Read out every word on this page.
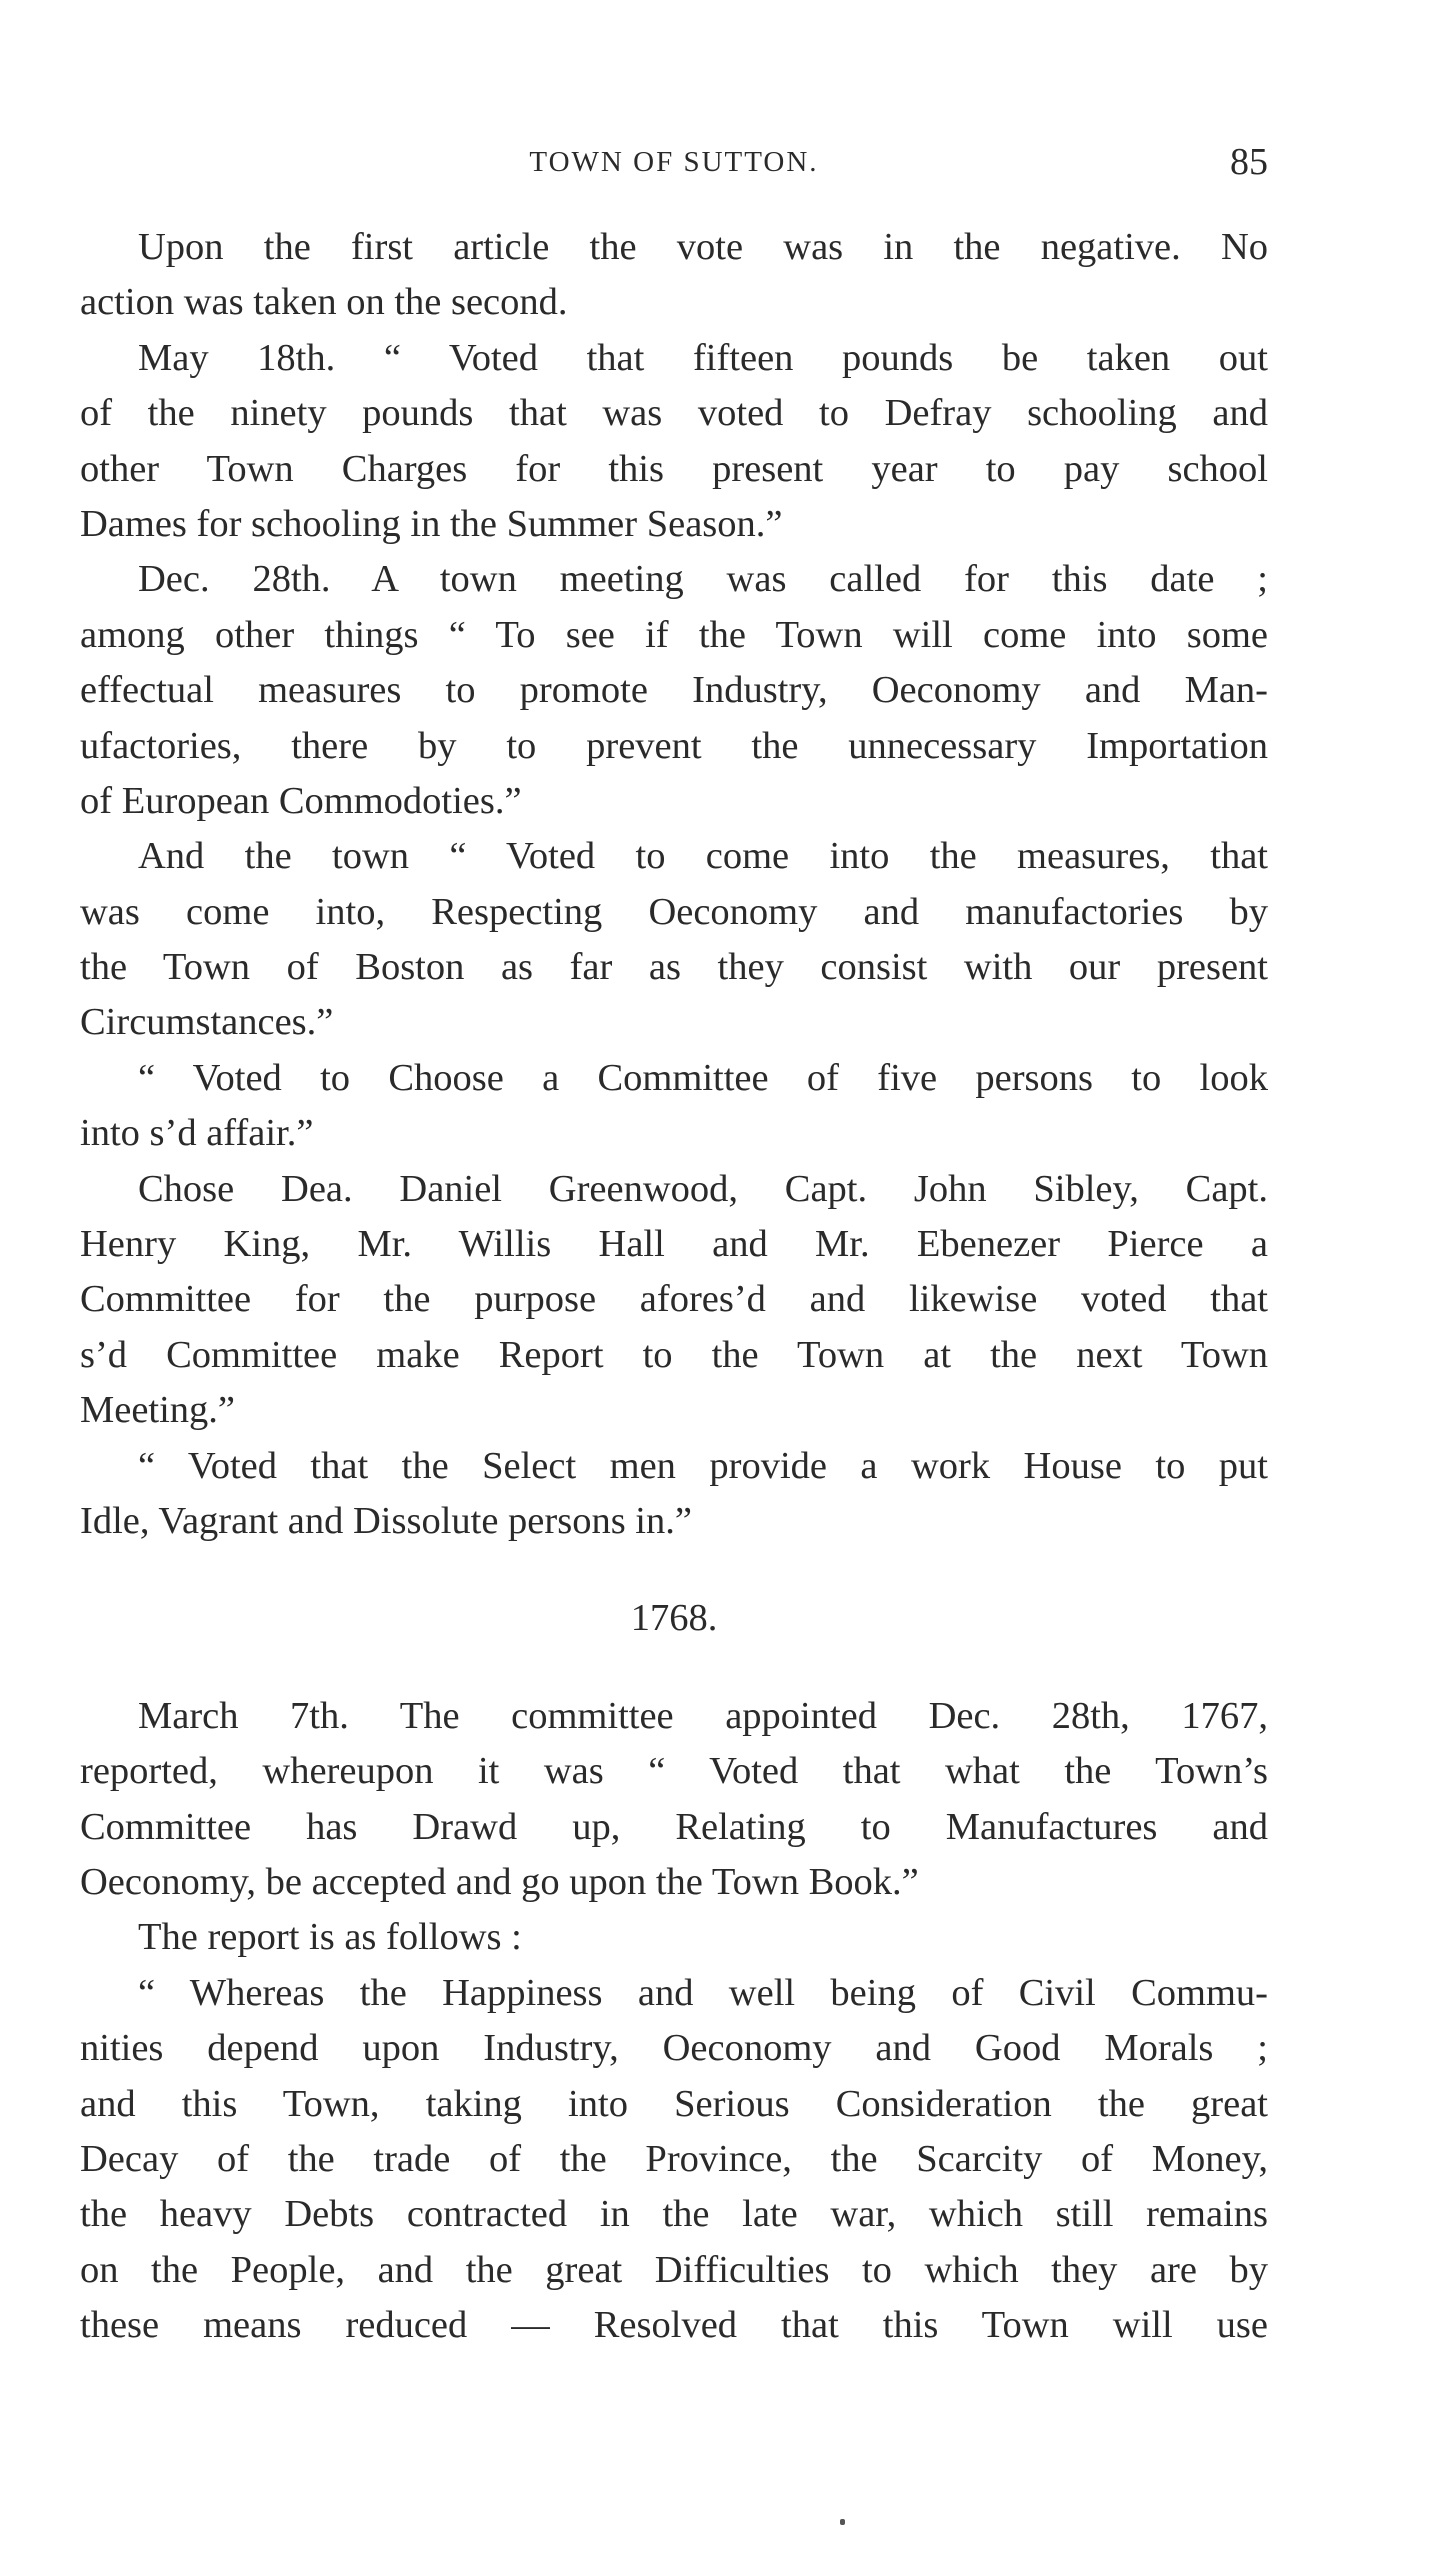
TOWN OF SUTTON.	85
Upon the first article the vote was in the negative. No
action was taken on the second.
May 18th. “ Voted that fifteen pounds be taken out
of the ninety pounds that was voted to Defray schooling and
other Town Charges for this present year to pay school
Dames for schooling in the Summer Season.”
Dec. 28th. A town meeting was called for this date ;
among other things “ To see if the Town will come into some
effectual measures to promote Industry, Oeconomy and Man-
ufactories, there by to prevent the unnecessary Importation
of European Commodoties.”
And the town “ Voted to come into the measures, that
was come into, Respecting Oeconomy and manufactories by
the Town of Boston as far as they consist with our present
Circumstances.”
“ Voted to Choose a Committee of five persons to look
into s’d affair.”
Chose Dea. Daniel Greenwood, Capt. John Sibley, Capt.
Henry King, Mr. Willis Hall and Mr. Ebenezer Pierce a
Committee for the purpose afores’d and likewise voted that
s’d Committee make Report to the Town at the next Town
Meeting.”
“ Voted that the Select men provide a work House to put
Idle, Vagrant and Dissolute persons in.”
1768.
March 7th. The committee appointed Dec. 28th, 1767,
reported, whereupon it was “ Voted that what the Town’s
Committee has Drawd up, Relating to Manufactures and
Oeconomy, be accepted and go upon the Town Book.”
The report is as follows :
“ Whereas the Happiness and well being of Civil Commu-
nities depend upon Industry, Oeconomy and Good Morals ;
and this Town, taking into Serious Consideration the great
Decay of the trade of the Province, the Scarcity of Money,
the heavy Debts contracted in the late war, which still remains
on the People, and the great Difficulties to which they are by
these means reduced — Resolved that this Town will use
